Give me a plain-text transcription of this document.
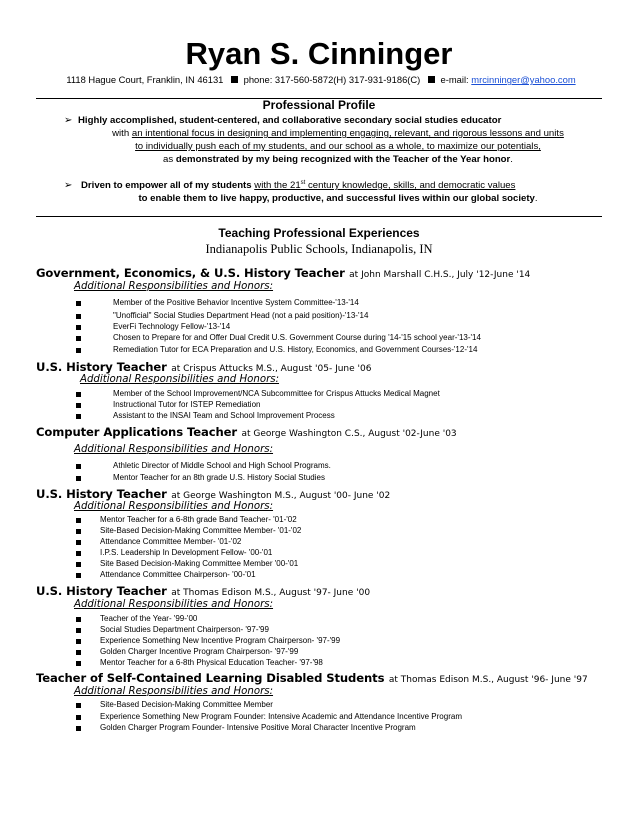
Ryan S. Cinninger
1118 Hague Court, Franklin, IN 46131 phone: 317-560-5872(H) 317-931-9186(C) e-mail: mrcinninger@yahoo.com
Professional Profile
➢ Highly accomplished, student-centered, and collaborative secondary social studies educator
with an intentional focus in designing and implementing engaging, relevant, and rigorous lessons and units
to individually push each of my students, and our school as a whole, to maximize our potentials,
as demonstrated by my being recognized with the Teacher of the Year honor.
➢ Driven to empower all of my students with the 21st century knowledge, skills, and democratic values
to enable them to live happy, productive, and successful lives within our global society.
Teaching Professional Experiences
Indianapolis Public Schools, Indianapolis, IN
Government, Economics, & U.S. History Teacher at John Marshall C.H.S., July '12-June '14
Additional Responsibilities and Honors:
Member of the Positive Behavior Incentive System Committee-'13-'14
"Unofficial" Social Studies Department Head (not a paid position)-'13-'14
EverFi Technology Fellow-'13-'14
Chosen to Prepare for and Offer Dual Credit U.S. Government Course during '14-'15 school year-'13-'14
Remediation Tutor for ECA Preparation and U.S. History, Economics, and Government Courses-'12-'14
U.S. History Teacher at Crispus Attucks M.S., August '05- June '06
Additional Responsibilities and Honors:
Member of the School Improvement/NCA Subcommittee for Crispus Attucks Medical Magnet
Instructional Tutor for ISTEP Remediation
Assistant to the INSAI Team and School Improvement Process
Computer Applications Teacher at George Washington C.S., August '02-June '03
Additional Responsibilities and Honors:
Athletic Director of Middle School and High School Programs.
Mentor Teacher for an 8th grade U.S. History Social Studies
U.S. History Teacher at George Washington M.S., August '00- June '02
Additional Responsibilities and Honors:
Mentor Teacher for a 6-8th grade Band Teacher- '01-'02
Site-Based Decision-Making Committee Member- '01-'02
Attendance Committee Member- '01-'02
I.P.S. Leadership In Development Fellow- '00-'01
Site Based Decision-Making Committee Member '00-'01
Attendance Committee Chairperson- '00-'01
U.S. History Teacher at Thomas Edison M.S., August '97- June '00
Additional Responsibilities and Honors:
Teacher of the Year- '99-'00
Social Studies Department Chairperson- '97-'99
Experience Something New Incentive Program Chairperson- '97-'99
Golden Charger Incentive Program Chairperson- '97-'99
Mentor Teacher for a 6-8th Physical Education Teacher- '97-'98
Teacher of Self-Contained Learning Disabled Students at Thomas Edison M.S., August '96- June '97
Additional Responsibilities and Honors:
Site-Based Decision-Making Committee Member
Experience Something New Program Founder: Intensive Academic and Attendance Incentive Program
Golden Charger Program Founder- Intensive Positive Moral Character Incentive Program
